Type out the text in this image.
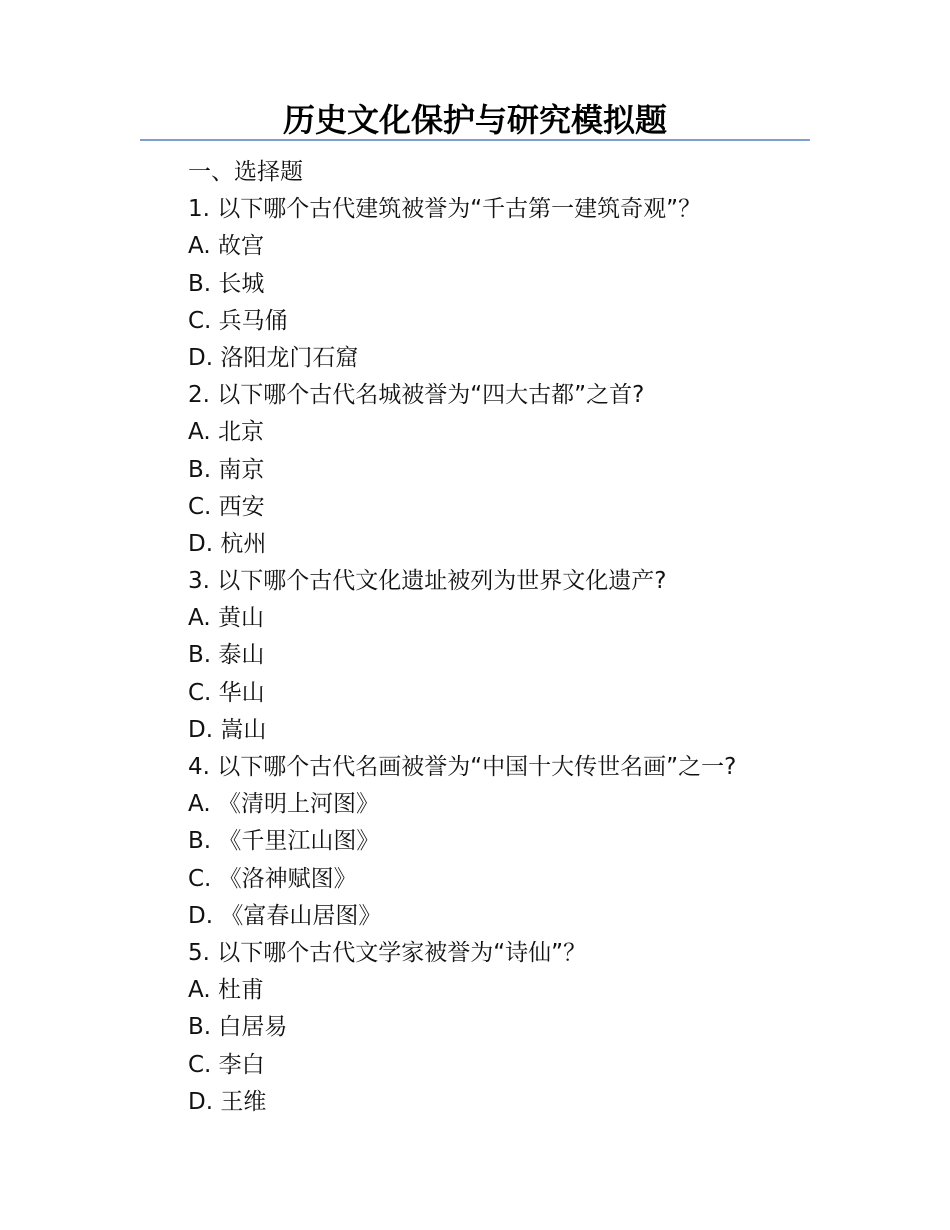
历史文化保护与研究模拟题
一、选择题
1. 以下哪个古代建筑被誉为“千古第一建筑奇观”？
A. 故宫
B. 长城
C. 兵马俑
D. 洛阳龙门石窟
2. 以下哪个古代名城被誉为“四大古都”之首?
A. 北京
B. 南京
C. 西安
D. 杭州
3. 以下哪个古代文化遗址被列为世界文化遗产?
A. 黄山
B. 泰山
C. 华山
D. 嵩山
4. 以下哪个古代名画被誉为“中国十大传世名画”之一?
A. 《清明上河图》
B. 《千里江山图》
C. 《洛神赋图》
D. 《富春山居图》
5. 以下哪个古代文学家被誉为“诗仙”？
A. 杜甫
B. 白居易
C. 李白
D. 王维
